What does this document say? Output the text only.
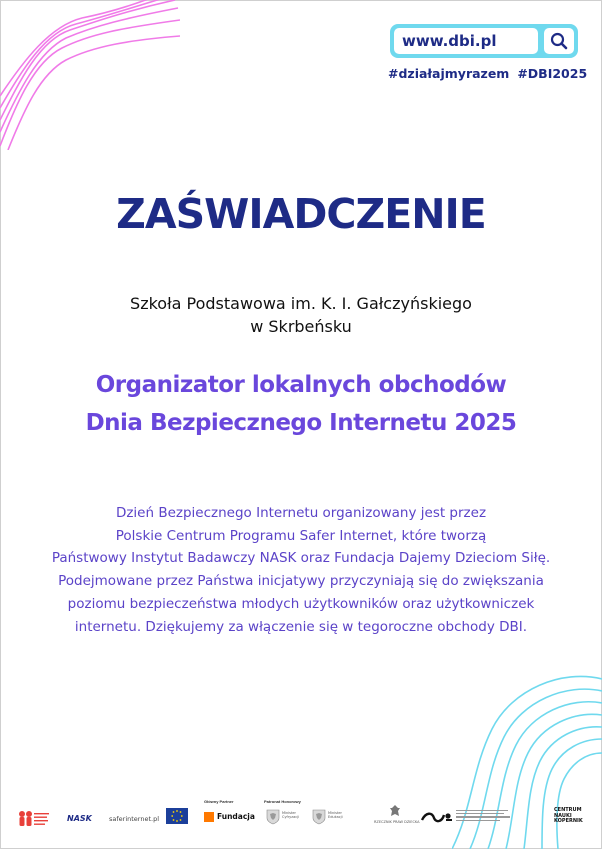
www.dbi.pl
#działajmyrazem #DBI2025
ZAŚWIADCZENIE
Szkoła Podstawowa im. K. I. Gałczyńskiego
w Skrbeńsku
Organizator lokalnych obchodów
Dnia Bezpiecznego Internetu 2025
Dzień Bezpiecznego Internetu organizowany jest przez
Polskie Centrum Programu Safer Internet, które tworzą
Państwowy Instytut Badawczy NASK oraz Fundacja Dajemy Dzieciom Siłę.
Podejmowane przez Państwa inicjatywy przyczyniają się do zwiększania
poziomu bezpieczeństwa młodych użytkowników oraz użytkowniczek
internetu. Dziękujemy za włączenie się w tegoroczne obchody DBI.
NASK	saferinternet.pl
Główny Partner
Fundacja
Patronat Honorowy
Minister Cyfryzacji
Minister Edukacji
RZECZNIK PRAW DZIECKA
CENTRUM
NAUKI
KOPERNIK
